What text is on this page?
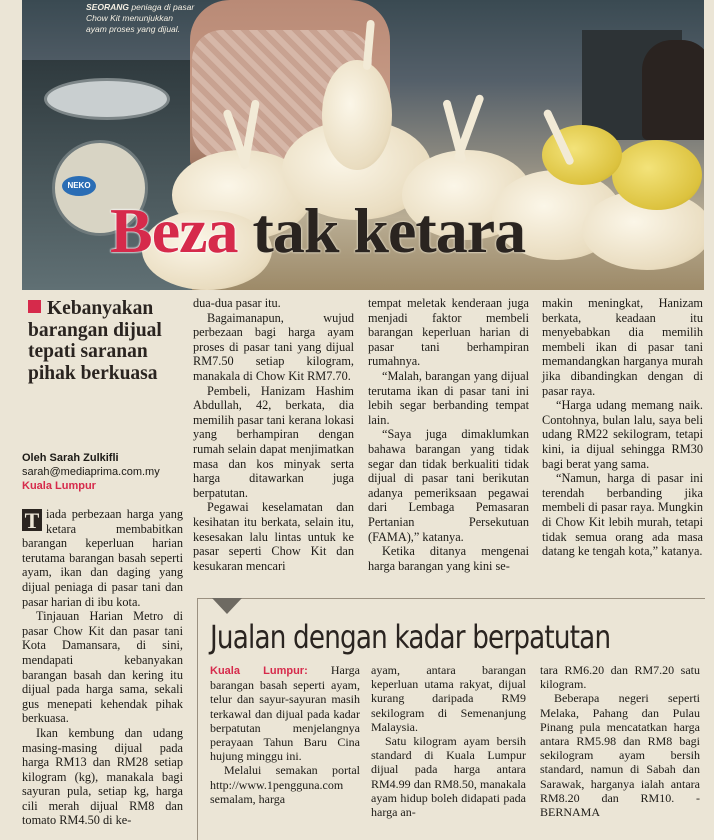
NEKO
SEORANG peniaga di pasar Chow Kit menunjukkan ayam proses yang dijual.
Beza tak ketara
Kebanyakan barangan dijual tepati saranan pihak berkuasa
Oleh Sarah Zulkifli
sarah@mediaprima.com.my
Kuala Lumpur

T iada perbezaan harga yang ketara membabitkan barangan keperluan harian terutama barangan basah seperti ayam, ikan dan daging yang dijual peniaga di pasar tani dan pasar harian di ibu kota.

Tinjauan Harian Metro di pasar Chow Kit dan pasar tani Kota Damansara, di sini, mendapati kebanyakan barangan basah dan kering itu dijual pada harga sama, sekali gus menepati kehendak pihak berkuasa.

Ikan kembung dan udang masing-masing dijual pada harga RM13 dan RM28 setiap kilogram (kg), manakala bagi sayuran pula, setiap kg, harga cili merah dijual RM8 dan tomato RM4.50 di ke-

dua-dua pasar itu.

Bagaimanapun, wujud perbezaan bagi harga ayam proses di pasar tani yang dijual RM7.50 setiap kilogram, manakala di Chow Kit RM7.70.

Pembeli, Hanizam Hashim Abdullah, 42, berkata, dia memilih pasar tani kerana lokasi yang berhampiran dengan rumah selain dapat menjimatkan masa dan kos minyak serta harga ditawarkan juga berpatutan.

Pegawai keselamatan dan kesihatan itu berkata, selain itu, kesesakan lalu lintas untuk ke pasar seperti Chow Kit dan kesukaran mencari

tempat meletak kenderaan juga menjadi faktor membeli barangan keperluan harian di pasar tani berhampiran rumahnya.

“Malah, barangan yang dijual terutama ikan di pasar tani ini lebih segar berbanding tempat lain.

“Saya juga dimaklumkan bahawa barangan yang tidak segar dan tidak berkualiti tidak dijual di pasar tani berikutan adanya pemeriksaan pegawai dari Lembaga Pemasaran Pertanian Persekutuan (FAMA),” katanya.

Ketika ditanya mengenai harga barangan yang kini se-

makin meningkat, Hanizam berkata, keadaan itu menyebabkan dia memilih membeli ikan di pasar tani memandangkan harganya murah jika dibandingkan dengan di pasar raya.

“Harga udang memang naik. Contohnya, bulan lalu, saya beli udang RM22 sekilogram, tetapi kini, ia dijual sehingga RM30 bagi berat yang sama.

“Namun, harga di pasar ini terendah berbanding jika membeli di pasar raya. Mungkin di Chow Kit lebih murah, tetapi tidak semua orang ada masa datang ke tengah kota,” katanya.

Jualan dengan kadar berpatutan

Kuala Lumpur: Harga barangan basah seperti ayam, telur dan sayur-sayuran masih terkawal dan dijual pada kadar berpatutan menjelangnya perayaan Tahun Baru Cina hujung minggu ini.

Melalui semakan portal http://www.1pengguna.com semalam, harga

ayam, antara barangan keperluan utama rakyat, dijual kurang daripada RM9 sekilogram di Semenanjung Malaysia.

Satu kilogram ayam bersih standard di Kuala Lumpur dijual pada harga antara RM4.99 dan RM8.50, manakala ayam hidup boleh didapati pada harga an-

tara RM6.20 dan RM7.20 satu kilogram.

Beberapa negeri seperti Melaka, Pahang dan Pulau Pinang pula mencatatkan harga antara RM5.98 dan RM8 bagi sekilogram ayam bersih standard, namun di Sabah dan Sarawak, harganya ialah antara RM8.20 dan RM10. - BERNAMA
